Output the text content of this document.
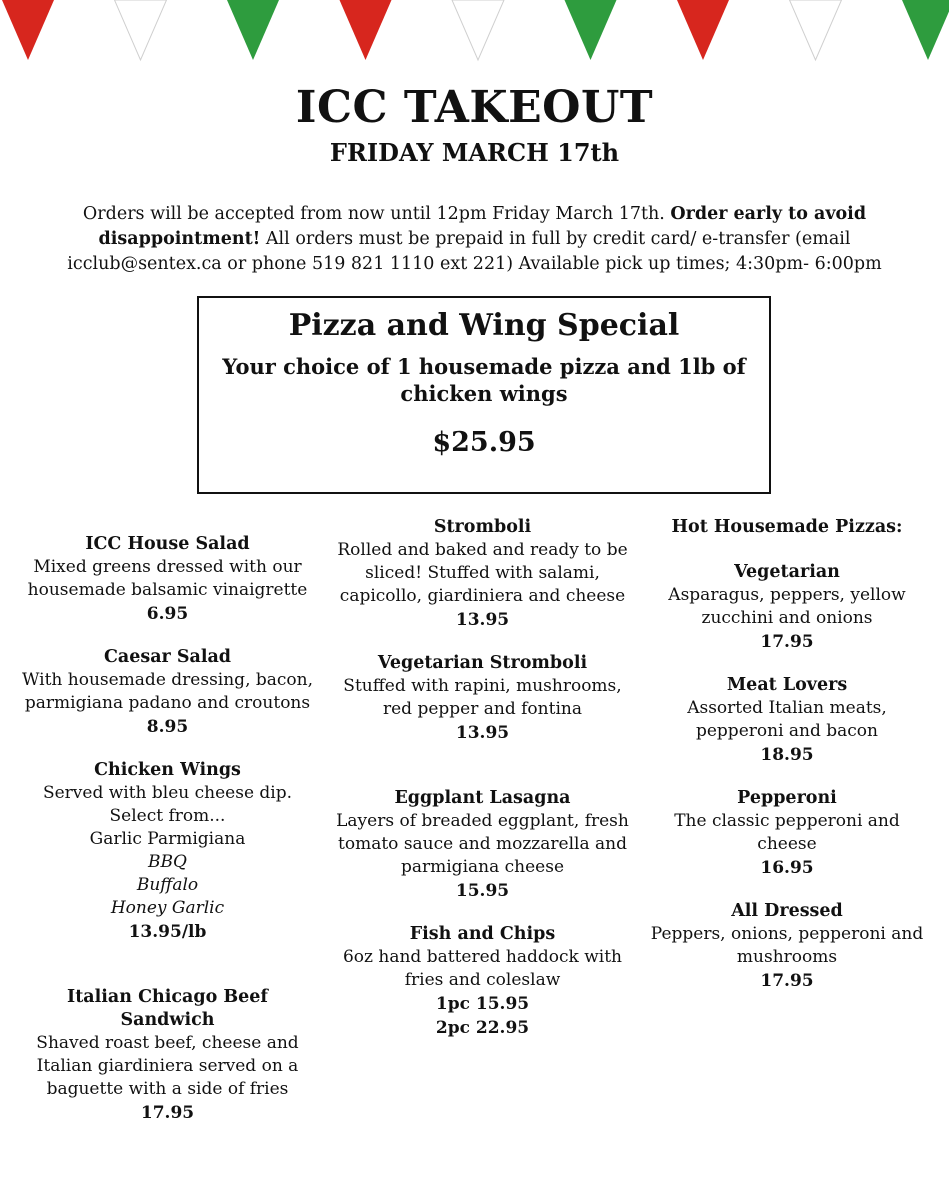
ICC TAKEOUT
FRIDAY MARCH 17th
Orders will be accepted from now until 12pm Friday March 17th. Order early to avoid disappointment! All orders must be prepaid in full by credit card/ e-transfer (email icclub@sentex.ca or phone 519 821 1110 ext 221) Available pick up times; 4:30pm- 6:00pm
Pizza and Wing Special
Your choice of 1 housemade pizza and 1lb of chicken wings
$25.95
ICC House Salad
Mixed greens dressed with our housemade balsamic vinaigrette
6.95
Caesar Salad
With housemade dressing, bacon, parmigiana padano and croutons
8.95
Chicken Wings
Served with bleu cheese dip.
Select from...
Garlic Parmigiana
BBQ
Buffalo
Honey Garlic
13.95/lb
Italian Chicago Beef Sandwich
Shaved roast beef, cheese and Italian giardiniera served on a baguette with a side of fries
17.95
Stromboli
Rolled and baked and ready to be sliced! Stuffed with salami, capicollo, giardiniera and cheese
13.95
Vegetarian Stromboli
Stuffed with rapini, mushrooms, red pepper and fontina
13.95
Eggplant Lasagna
Layers of breaded eggplant, fresh tomato sauce and mozzarella and parmigiana cheese
15.95
Fish and Chips
6oz hand battered haddock with fries and coleslaw
1pc 15.95
2pc 22.95
Hot Housemade Pizzas:
Vegetarian
Asparagus, peppers, yellow zucchini and onions
17.95
Meat Lovers
Assorted Italian meats, pepperoni and bacon
18.95
Pepperoni
The classic pepperoni and cheese
16.95
All Dressed
Peppers, onions, pepperoni and mushrooms
17.95
